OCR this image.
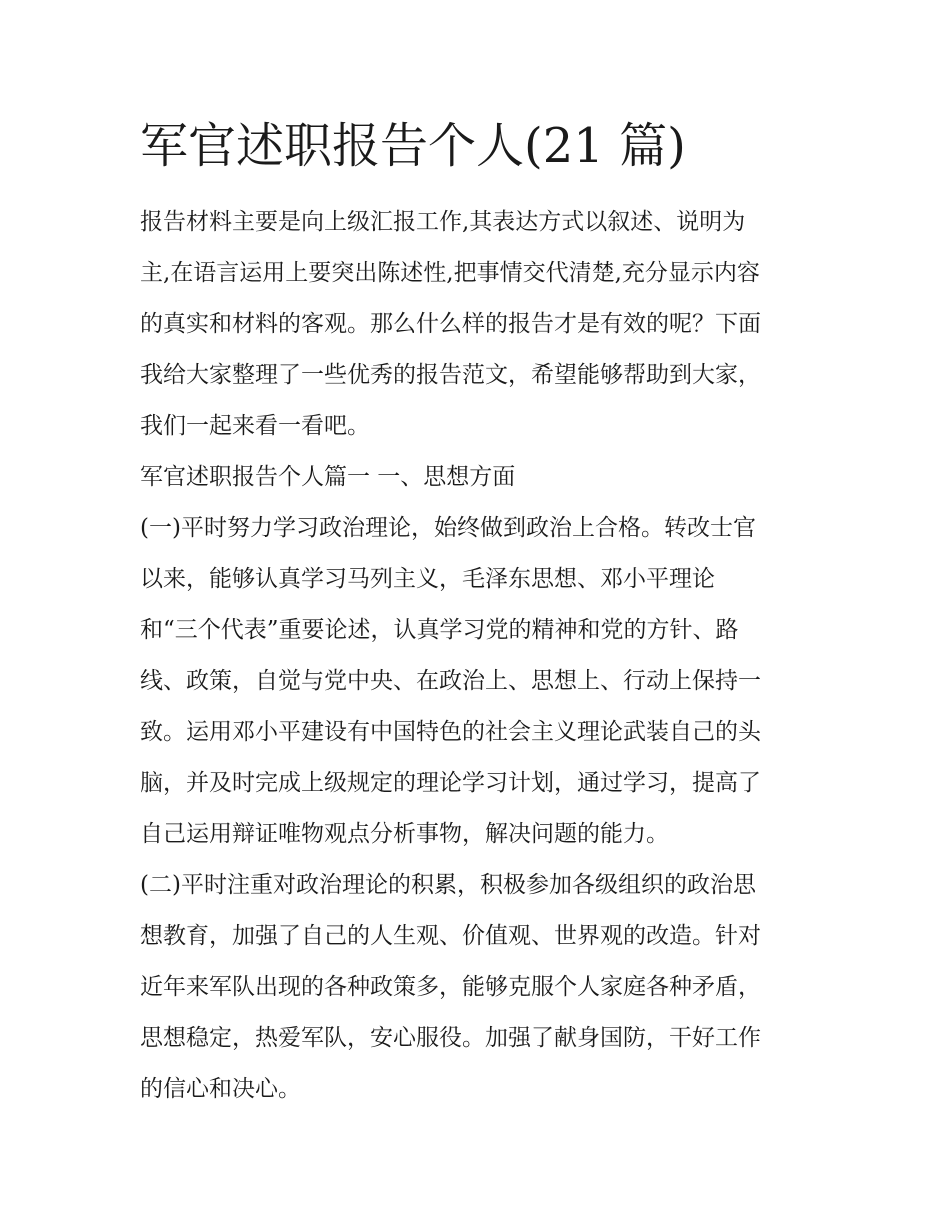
军官述职报告个人(21 篇)
报告材料主要是向上级汇报工作,其表达方式以叙述、说明为
主,在语言运用上要突出陈述性,把事情交代清楚,充分显示内容
的真实和材料的客观。那么什么样的报告才是有效的呢？下面
我给大家整理了一些优秀的报告范文，希望能够帮助到大家，
我们一起来看一看吧。
军官述职报告个人篇一 一、思想方面
(一)平时努力学习政治理论，始终做到政治上合格。转改士官
以来，能够认真学习马列主义，毛泽东思想、邓小平理论
和“三个代表”重要论述，认真学习党的精神和党的方针、路
线、政策，自觉与党中央、在政治上、思想上、行动上保持一
致。运用邓小平建设有中国特色的社会主义理论武装自己的头
脑，并及时完成上级规定的理论学习计划，通过学习，提高了
自己运用辩证唯物观点分析事物，解决问题的能力。
(二)平时注重对政治理论的积累，积极参加各级组织的政治思
想教育，加强了自己的人生观、价值观、世界观的改造。针对
近年来军队出现的各种政策多，能够克服个人家庭各种矛盾，
思想稳定，热爱军队，安心服役。加强了献身国防，干好工作
的信心和决心。
